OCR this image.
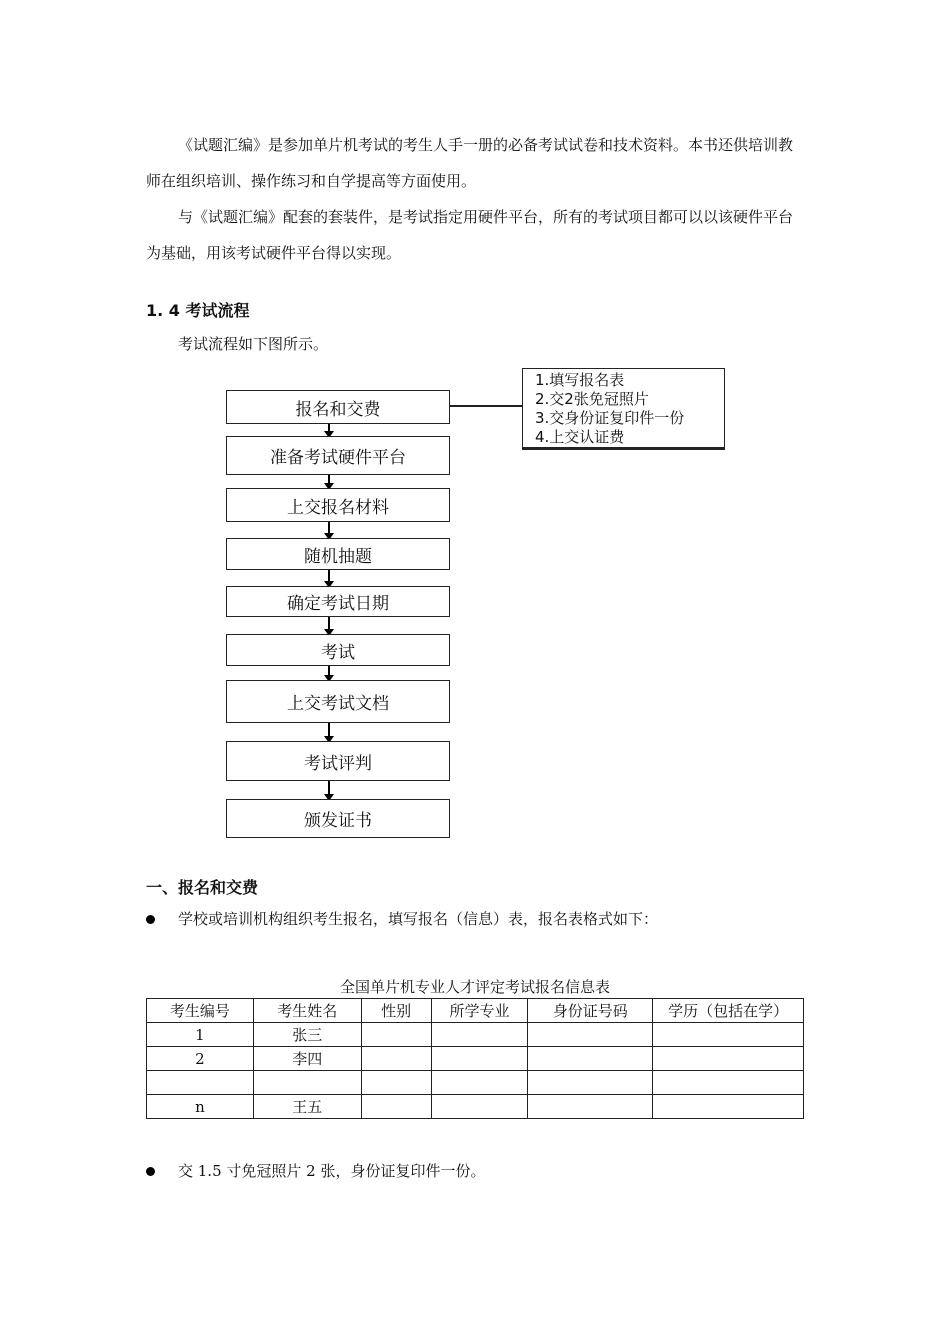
《试题汇编》是参加单片机考试的考生人手一册的必备考试试卷和技术资料。本书还供培训教师在组织培训、操作练习和自学提高等方面使用。
与《试题汇编》配套的套装件，是考试指定用硬件平台，所有的考试项目都可以以该硬件平台为基础，用该考试硬件平台得以实现。
1. 4 考试流程
考试流程如下图所示。
报名和交费
准备考试硬件平台
上交报名材料
随机抽题
确定考试日期
考试
上交考试文档
考试评判
颁发证书
1.填写报名表
2.交2张免冠照片
3.交身份证复印件一份
4.上交认证费
一、报名和交费
学校或培训机构组织考生报名，填写报名（信息）表，报名表格式如下：
全国单片机专业人才评定考试报名信息表
考生编号	考生姓名	性别	所学专业	身份证号码	学历（包括在学）
1	张三				
2	李四				

n	王五				
交 1.5 寸免冠照片 2 张，身份证复印件一份。
